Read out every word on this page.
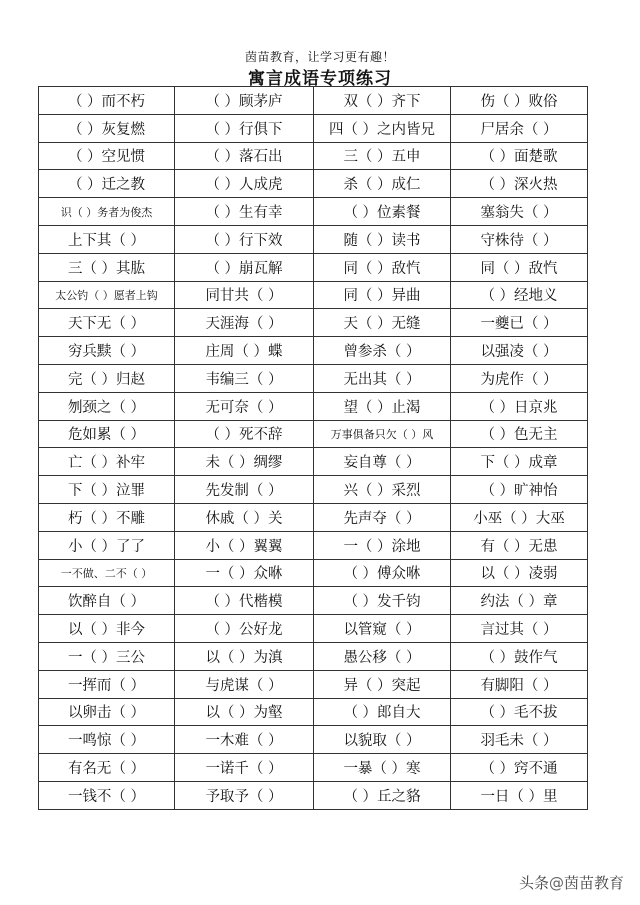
茵苗教育，让学习更有趣！
寓言成语专项练习
（ ）而不朽	（ ）顾茅庐	双（ ）齐下	伤（ ）败俗
（ ）灰复燃	（ ）行俱下	四（ ）之内皆兄	尸居余（ ）
（ ）空见惯	（ ）落石出	三（ ）五申	（ ）面楚歌
（ ）迁之教	（ ）人成虎	杀（ ）成仁	（ ）深火热
识（ ）务者为俊杰	（ ）生有幸	（ ）位素餐	塞翁失（ ）
上下其（ ）	（ ）行下效	随（ ）读书	守株待（ ）
三（ ）其肱	（ ）崩瓦解	同（ ）敌忾	同（ ）敌忾
太公钓（ ）愿者上钩	同甘共（ ）	同（ ）异曲	（ ）经地义
天下无（ ）	天涯海（ ）	天（ ）无缝	一夔已（ ）
穷兵黩（ ）	庄周（ ）蝶	曾参杀（ ）	以强凌（ ）
完（ ）归赵	韦编三（ ）	无出其（ ）	为虎作（ ）
刎颈之（ ）	无可奈（ ）	望（ ）止渴	（ ）日京兆
危如累（ ）	（ ）死不辞	万事俱备只欠（ ）风	（ ）色无主
亡（ ）补牢	未（ ）绸缪	妄自尊（ ）	下（ ）成章
下（ ）泣罪	先发制（ ）	兴（ ）采烈	（ ）旷神怡
朽（ ）不雕	休戚（ ）关	先声夺（ ）	小巫（ ）大巫
小（ ）了了	小（ ）翼翼	一（ ）涂地	有（ ）无患
一不做、二不（ ）	一（ ）众咻	（ ）傅众咻	以（ ）凌弱
饮醉自（ ）	（ ）代楷模	（ ）发千钧	约法（ ）章
以（ ）非今	（ ）公好龙	以管窥（ ）	言过其（ ）
一（ ）三公	以（ ）为滇	愚公移（ ）	（ ）鼓作气
一挥而（ ）	与虎谋（ ）	异（ ）突起	有脚阳（ ）
以卵击（ ）	以（ ）为壑	（ ）郎自大	（ ）毛不拔
一鸣惊（ ）	一木难（ ）	以貌取（ ）	羽毛未（ ）
有名无（ ）	一诺千（ ）	一暴（ ）寒	（ ）窍不通
一钱不（ ）	予取予（ ）	（ ）丘之貉	一日（ ）里
头条@茵苗教育
